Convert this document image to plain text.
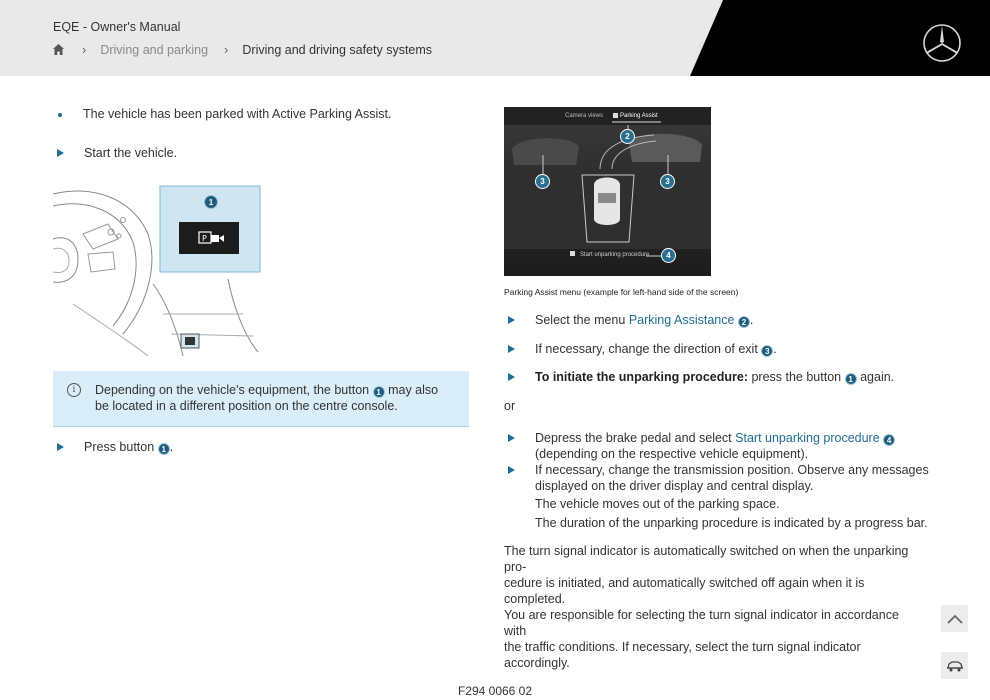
EQE - Owner's Manual
› Driving and parking › Driving and driving safety systems
The vehicle has been parked with Active Parking Assist.
Start the vehicle.
P
1
i	Depending on the vehicle's equipment, the button 1 may also
be located in a different position on the centre console.
Press button 1 .
Camera views	Parking Assist
Start unparking procedure
2
3	3
4
Parking Assist menu (example for left-hand side of the screen)
Select the menu Parking Assistance 2 .
If necessary, change the direction of exit 3 .
To initiate the unparking procedure: press the button 1 again.
or
Depress the brake pedal and select Start unparking procedure 4
(depending on the respective vehicle equipment).
If necessary, change the transmission position. Observe any messages
displayed on the driver display and central display.
The vehicle moves out of the parking space.
The duration of the unparking procedure is indicated by a progress bar.
The turn signal indicator is automatically switched on when the unparking pro-
cedure is initiated, and automatically switched off again when it is completed.
You are responsible for selecting the turn signal indicator in accordance with
the traffic conditions. If necessary, select the turn signal indicator accordingly.
F294 0066 02
